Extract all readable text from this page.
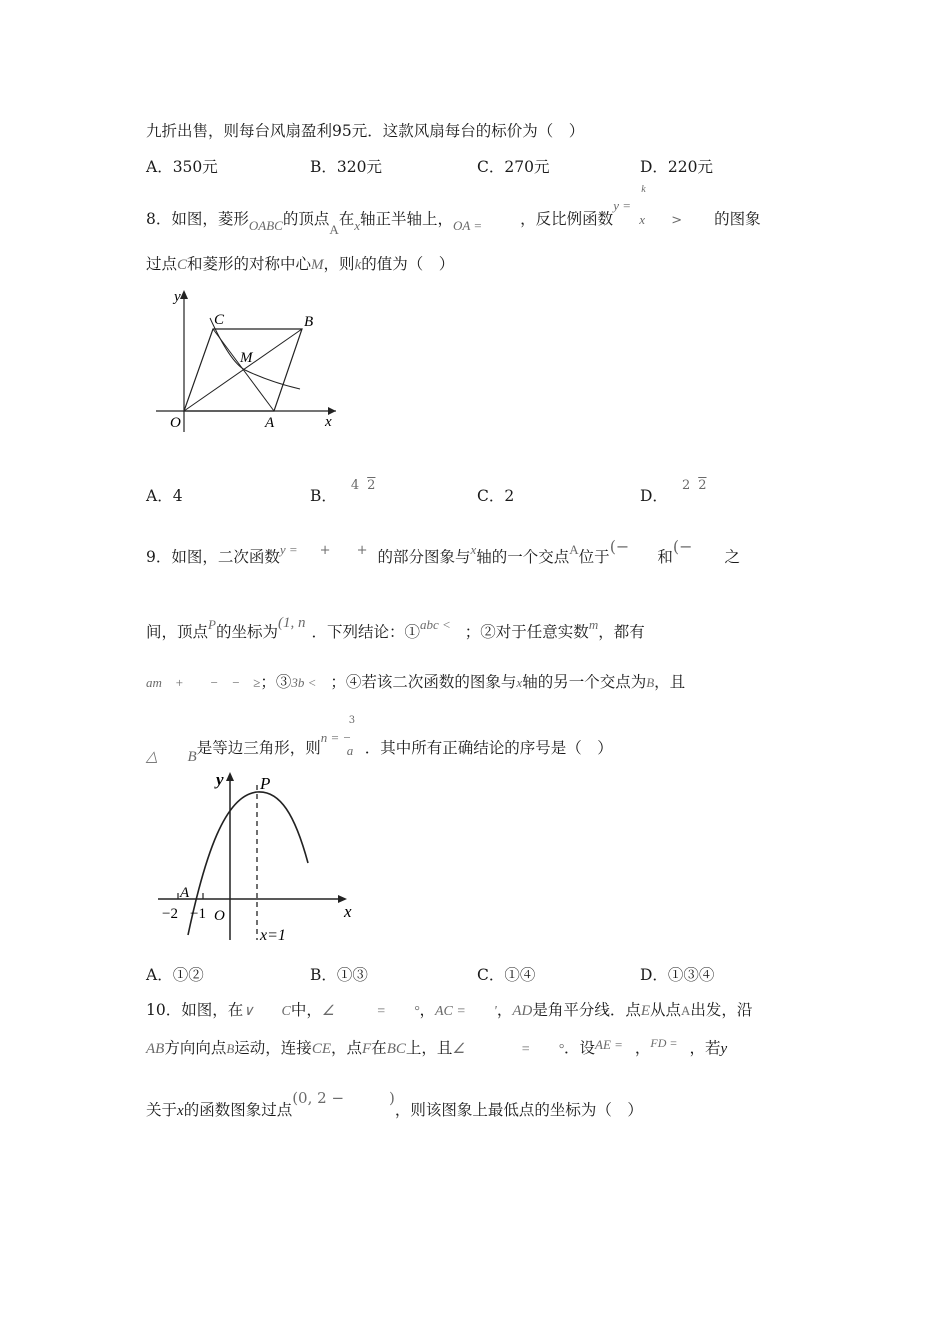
九折出售，则每台风扇盈利95元．这款风扇每台的标价为（　）
A．350元	B．320元	C．270元	D．220元
8．如图，菱形$_{OABC}$的顶点$_A$在$_x$轴正半轴上，$_{OA =}$ ，反比例函数
y =
k
x > 的图象
过点C和菱形的对称中心M，则k的值为（　）
y
x
O	A
B
C
M
A．4	B．$^4$ $^2$
C．2	D．$^2$ $^2$
9．如图，二次函数$^{y =}$ +　　+ 的部分图象与$^x$轴的一个交点$^A$位于(−和(−之
间，顶点$^P$的坐标为(1, n ．下列结论：①$^{abc <}$ ；②对于任意实数$^m$，都有
am　+　　−　−　≥；③3b < ；④若该二次函数的图象与x轴的另一个交点为B，且
△　　B是等边三角形，则
n = −
3
a ．其中所有正确结论的序号是（　）
y P
x
A
−2 −1 O
x=1
A．①②	B．①③	C．①④	D．①③④
10．如图，在∨　　C中，∠　　　=　　°，AC =　　'，AD是角平分线．点E从点A出发，沿
AB方向向点B运动，连接CE，点F在BC上，且∠　　　　=　　°．设$^{AE =}$ ，$^{FD =}$ ，若y
关于x的函数图象过点(0, 2 −　　　)，则该图象上最低点的坐标为（　）
